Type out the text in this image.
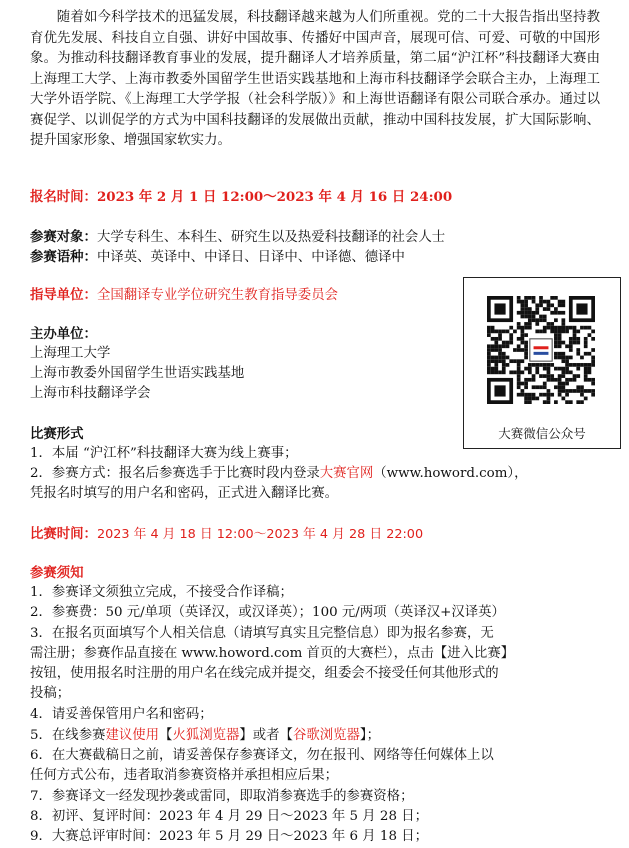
随着如今科学技术的迅猛发展，科技翻译越来越为人们所重视。党的二十大报告指出坚持教育优先发展、科技自立自强、讲好中国故事、传播好中国声音，展现可信、可爱、可敬的中国形象。为推动科技翻译教育事业的发展，提升翻译人才培养质量，第二届“沪江杯”科技翻译大赛由上海理工大学、上海市教委外国留学生世语实践基地和上海市科技翻译学会联合主办，上海理工大学外语学院、《上海理工大学学报（社会科学版）》和上海世语翻译有限公司联合承办。通过以赛促学、以训促学的方式为中国科技翻译的发展做出贡献，推动中国科技发展，扩大国际影响、提升国家形象、增强国家软实力。

报名时间：2023 年 2 月 1 日 12:00～2023 年 4 月 16 日 24:00
参赛对象：大学专科生、本科生、研究生以及热爱科技翻译的社会人士
参赛语种：中译英、英译中、中译日、日译中、中译德、德译中
指导单位：全国翻译专业学位研究生教育指导委员会
主办单位：
上海理工大学
上海市教委外国留学生世语实践基地
上海市科技翻译学会
大赛微信公众号
比赛形式
1．本届 “沪江杯”科技翻译大赛为线上赛事；
2．参赛方式：报名后参赛选手于比赛时段内登录大赛官网（www.howord.com），
凭报名时填写的用户名和密码，正式进入翻译比赛。
比赛时间：2023 年 4 月 18 日 12:00～2023 年 4 月 28 日 22:00
参赛须知
1．参赛译文须独立完成，不接受合作译稿；
2．参赛费：50 元/单项（英译汉，或汉译英）；100 元/两项（英译汉+汉译英）
3．在报名页面填写个人相关信息（请填写真实且完整信息）即为报名参赛，无
需注册；参赛作品直接在 www.howord.com 首页的大赛栏），点击【进入比赛】
按钮，使用报名时注册的用户名在线完成并提交，组委会不接受任何其他形式的
投稿；
4．请妥善保管用户名和密码；
5．在线参赛建议使用【火狐浏览器】或者【谷歌浏览器】；
6．在大赛截稿日之前，请妥善保存参赛译文，勿在报刊、网络等任何媒体上以
任何方式公布，违者取消参赛资格并承担相应后果；
7．参赛译文一经发现抄袭或雷同，即取消参赛选手的参赛资格；
8．初评、复评时间：2023 年 4 月 29 日～2023 年 5 月 28 日；
9．大赛总评审时间：2023 年 5 月 29 日～2023 年 6 月 18 日；
